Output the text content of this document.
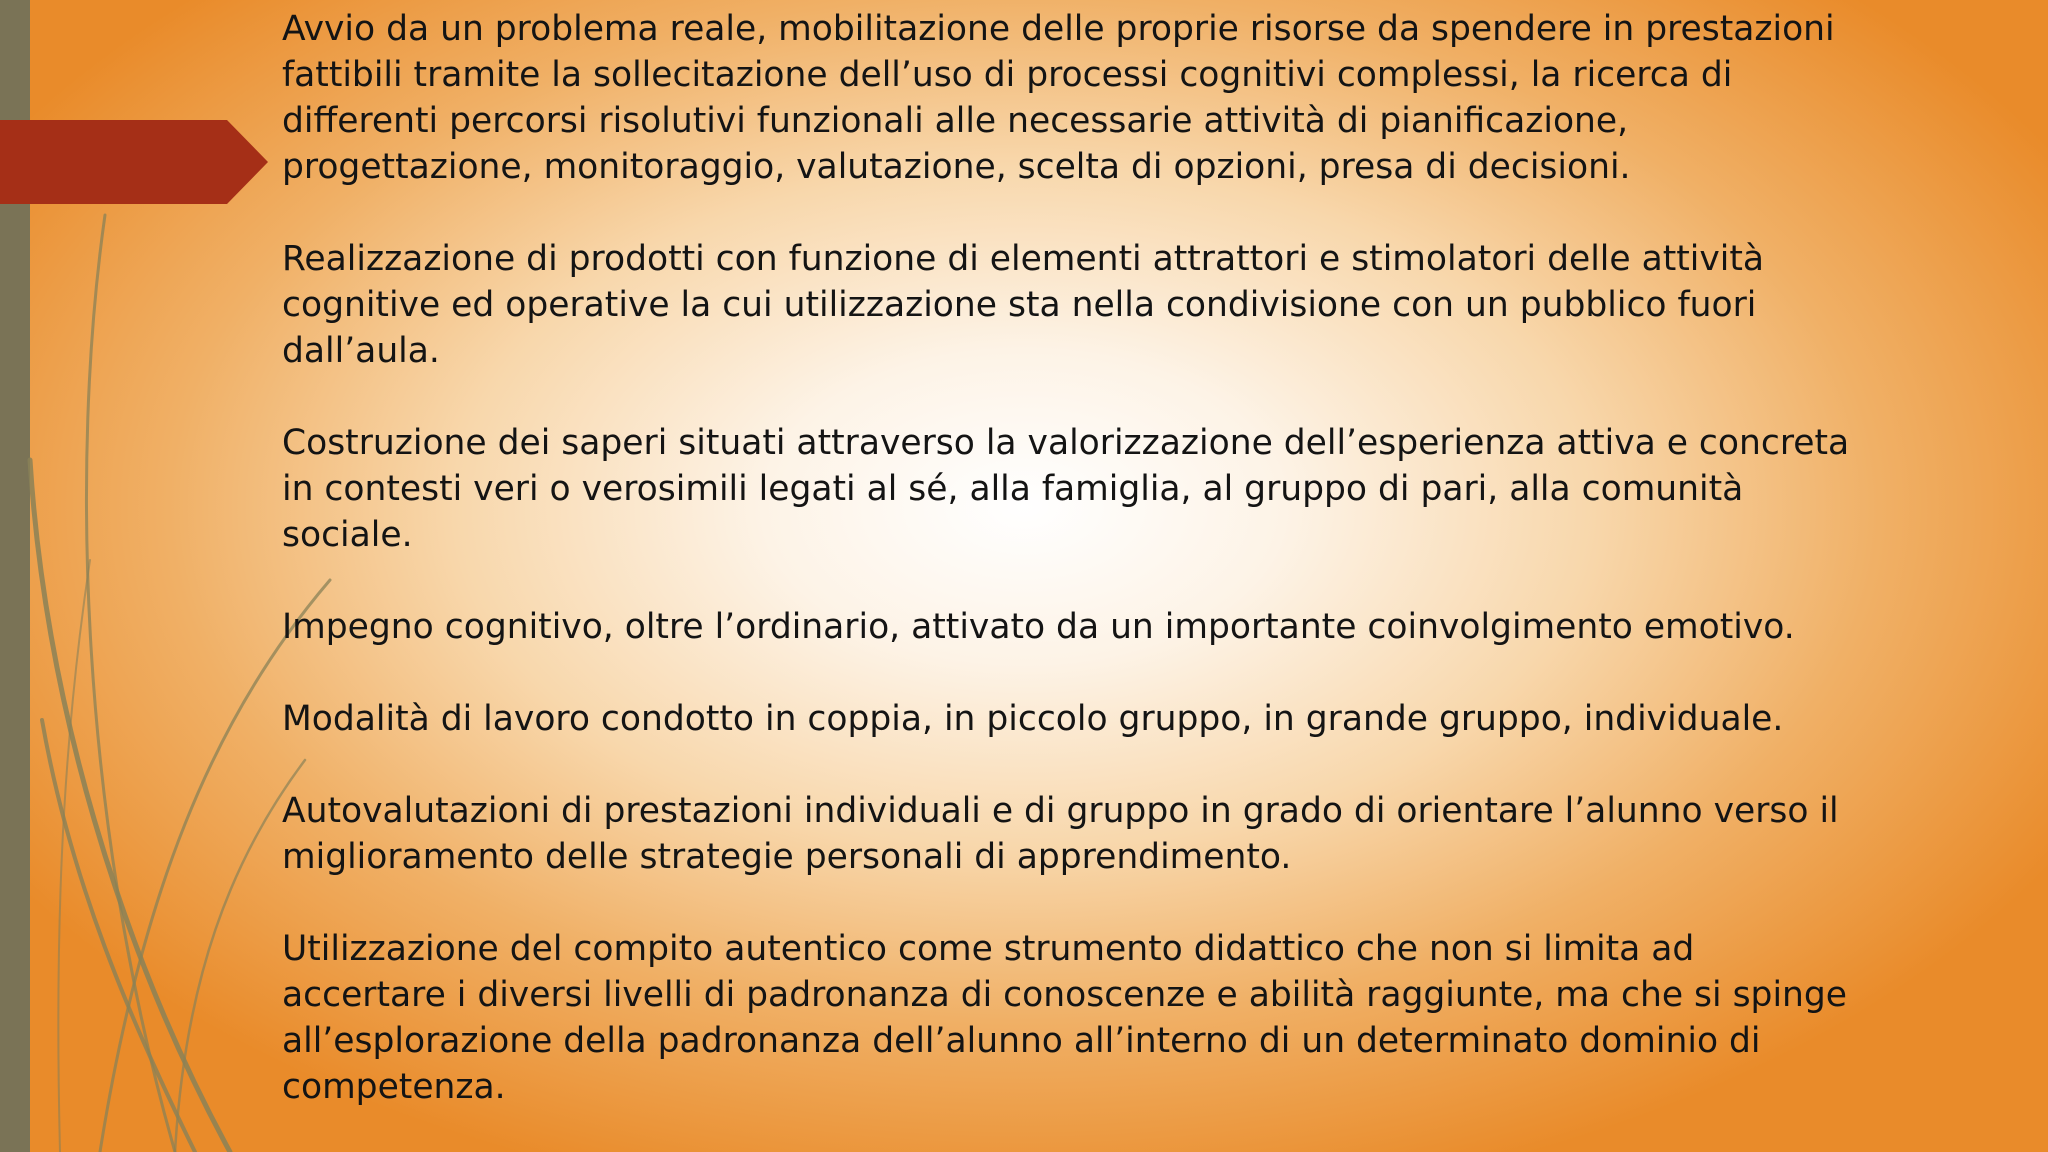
Avvio da un problema reale, mobilitazione delle proprie risorse da spendere in prestazioni
fattibili tramite la sollecitazione dell’uso di processi cognitivi complessi, la ricerca di
differenti percorsi risolutivi funzionali alle necessarie attività di pianificazione,
progettazione, monitoraggio, valutazione, scelta di opzioni, presa di decisioni.

Realizzazione di prodotti con funzione di elementi attrattori e stimolatori delle attività
cognitive ed operative la cui utilizzazione sta nella condivisione con un pubblico fuori
dall’aula.

Costruzione dei saperi situati attraverso la valorizzazione dell’esperienza attiva e concreta
in contesti veri o verosimili legati al sé, alla famiglia, al gruppo di pari, alla comunità
sociale.

Impegno cognitivo, oltre l’ordinario, attivato da un importante coinvolgimento emotivo.

Modalità di lavoro condotto in coppia, in piccolo gruppo, in grande gruppo, individuale.

Autovalutazioni di prestazioni individuali e di gruppo in grado di orientare l’alunno verso il
miglioramento delle strategie personali di apprendimento.

Utilizzazione del compito autentico come strumento didattico che non si limita ad
accertare i diversi livelli di padronanza di conoscenze e abilità raggiunte, ma che si spinge
all’esplorazione della padronanza dell’alunno all’interno di un determinato dominio di
competenza.
